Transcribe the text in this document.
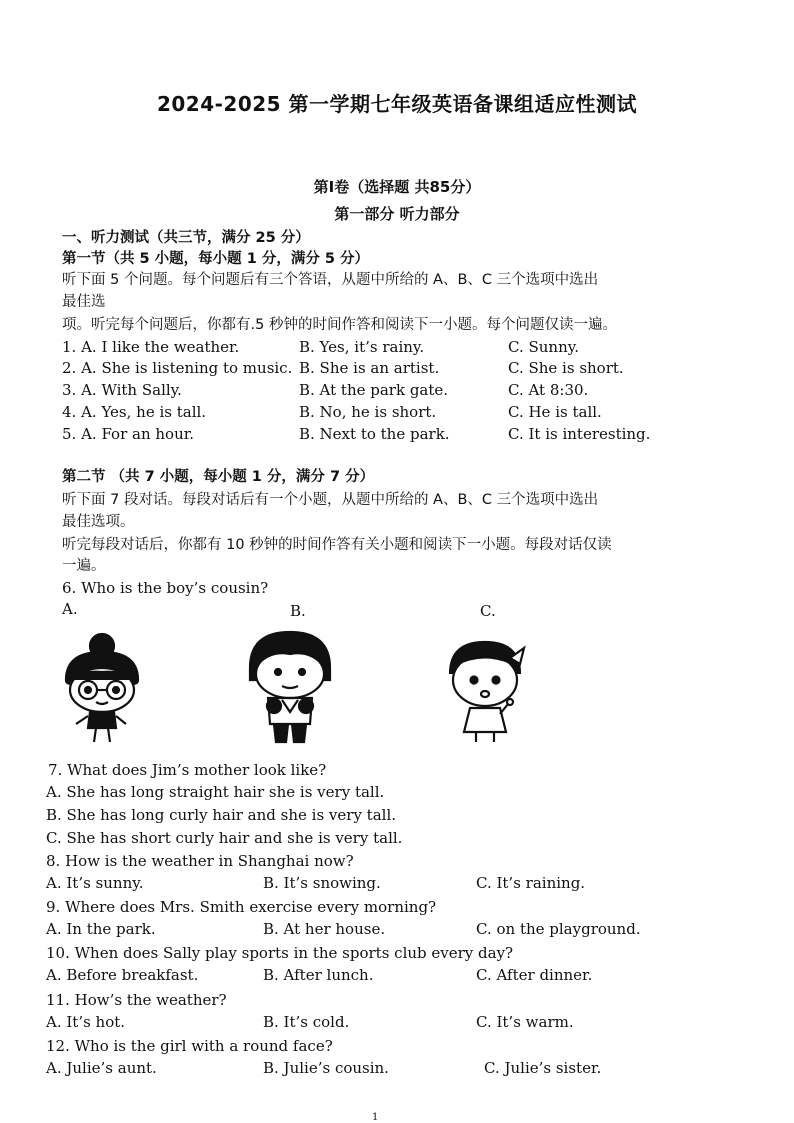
2024-2025 第一学期七年级英语备课组适应性测试
第Ⅰ卷（选择题 共85分）
第一部分 听力部分
一、听力测试（共三节，满分 25 分）
第一节（共 5 小题，每小题 1 分，满分 5 分）
听下面 5 个问题。每个问题后有三个答语，从题中所给的 A、B、C 三个选项中选出
最佳选
项。听完每个问题后，你都有.5 秒钟的时间作答和阅读下一小题。每个问题仅读一遍。
1. A. I like the weather.	B. Yes, it’s rainy.	C. Sunny.
2. A. She is listening to music. B. She is an artist.	C. She is short.
3. A. With Sally.	B. At the park gate.	C. At 8:30.
4. A. Yes, he is tall.	B. No, he is short.	C. He is tall.
5. A. For an hour.	B. Next to the park.	C. It is interesting.
第二节 （共 7 小题，每小题 1 分，满分 7 分）
听下面 7 段对话。每段对话后有一个小题，从题中所给的 A、B、C 三个选项中选出
最佳选项。
听完每段对话后，你都有 10 秒钟的时间作答有关小题和阅读下一小题。每段对话仅读
一遍。
6. Who is the boy’s cousin?
A.	B.	C.
7. What does Jim’s mother look like?
A. She has long straight hair she is very tall.
B. She has long curly hair and she is very tall.
C. She has short curly hair and she is very tall.
8. How is the weather in Shanghai now?
A. It’s sunny.	B. It’s snowing.	C. It’s raining.
9. Where does Mrs. Smith exercise every morning?
A. In the park.	B. At her house.	C. on the playground.
10. When does Sally play sports in the sports club every day?
A. Before breakfast.	B. After lunch.	C. After dinner.
11. How’s the weather?
A. It’s hot.	B. It’s cold.	C. It’s warm.
12. Who is the girl with a round face?
A. Julie’s aunt.	B. Julie’s cousin.	C. Julie’s sister.
1
